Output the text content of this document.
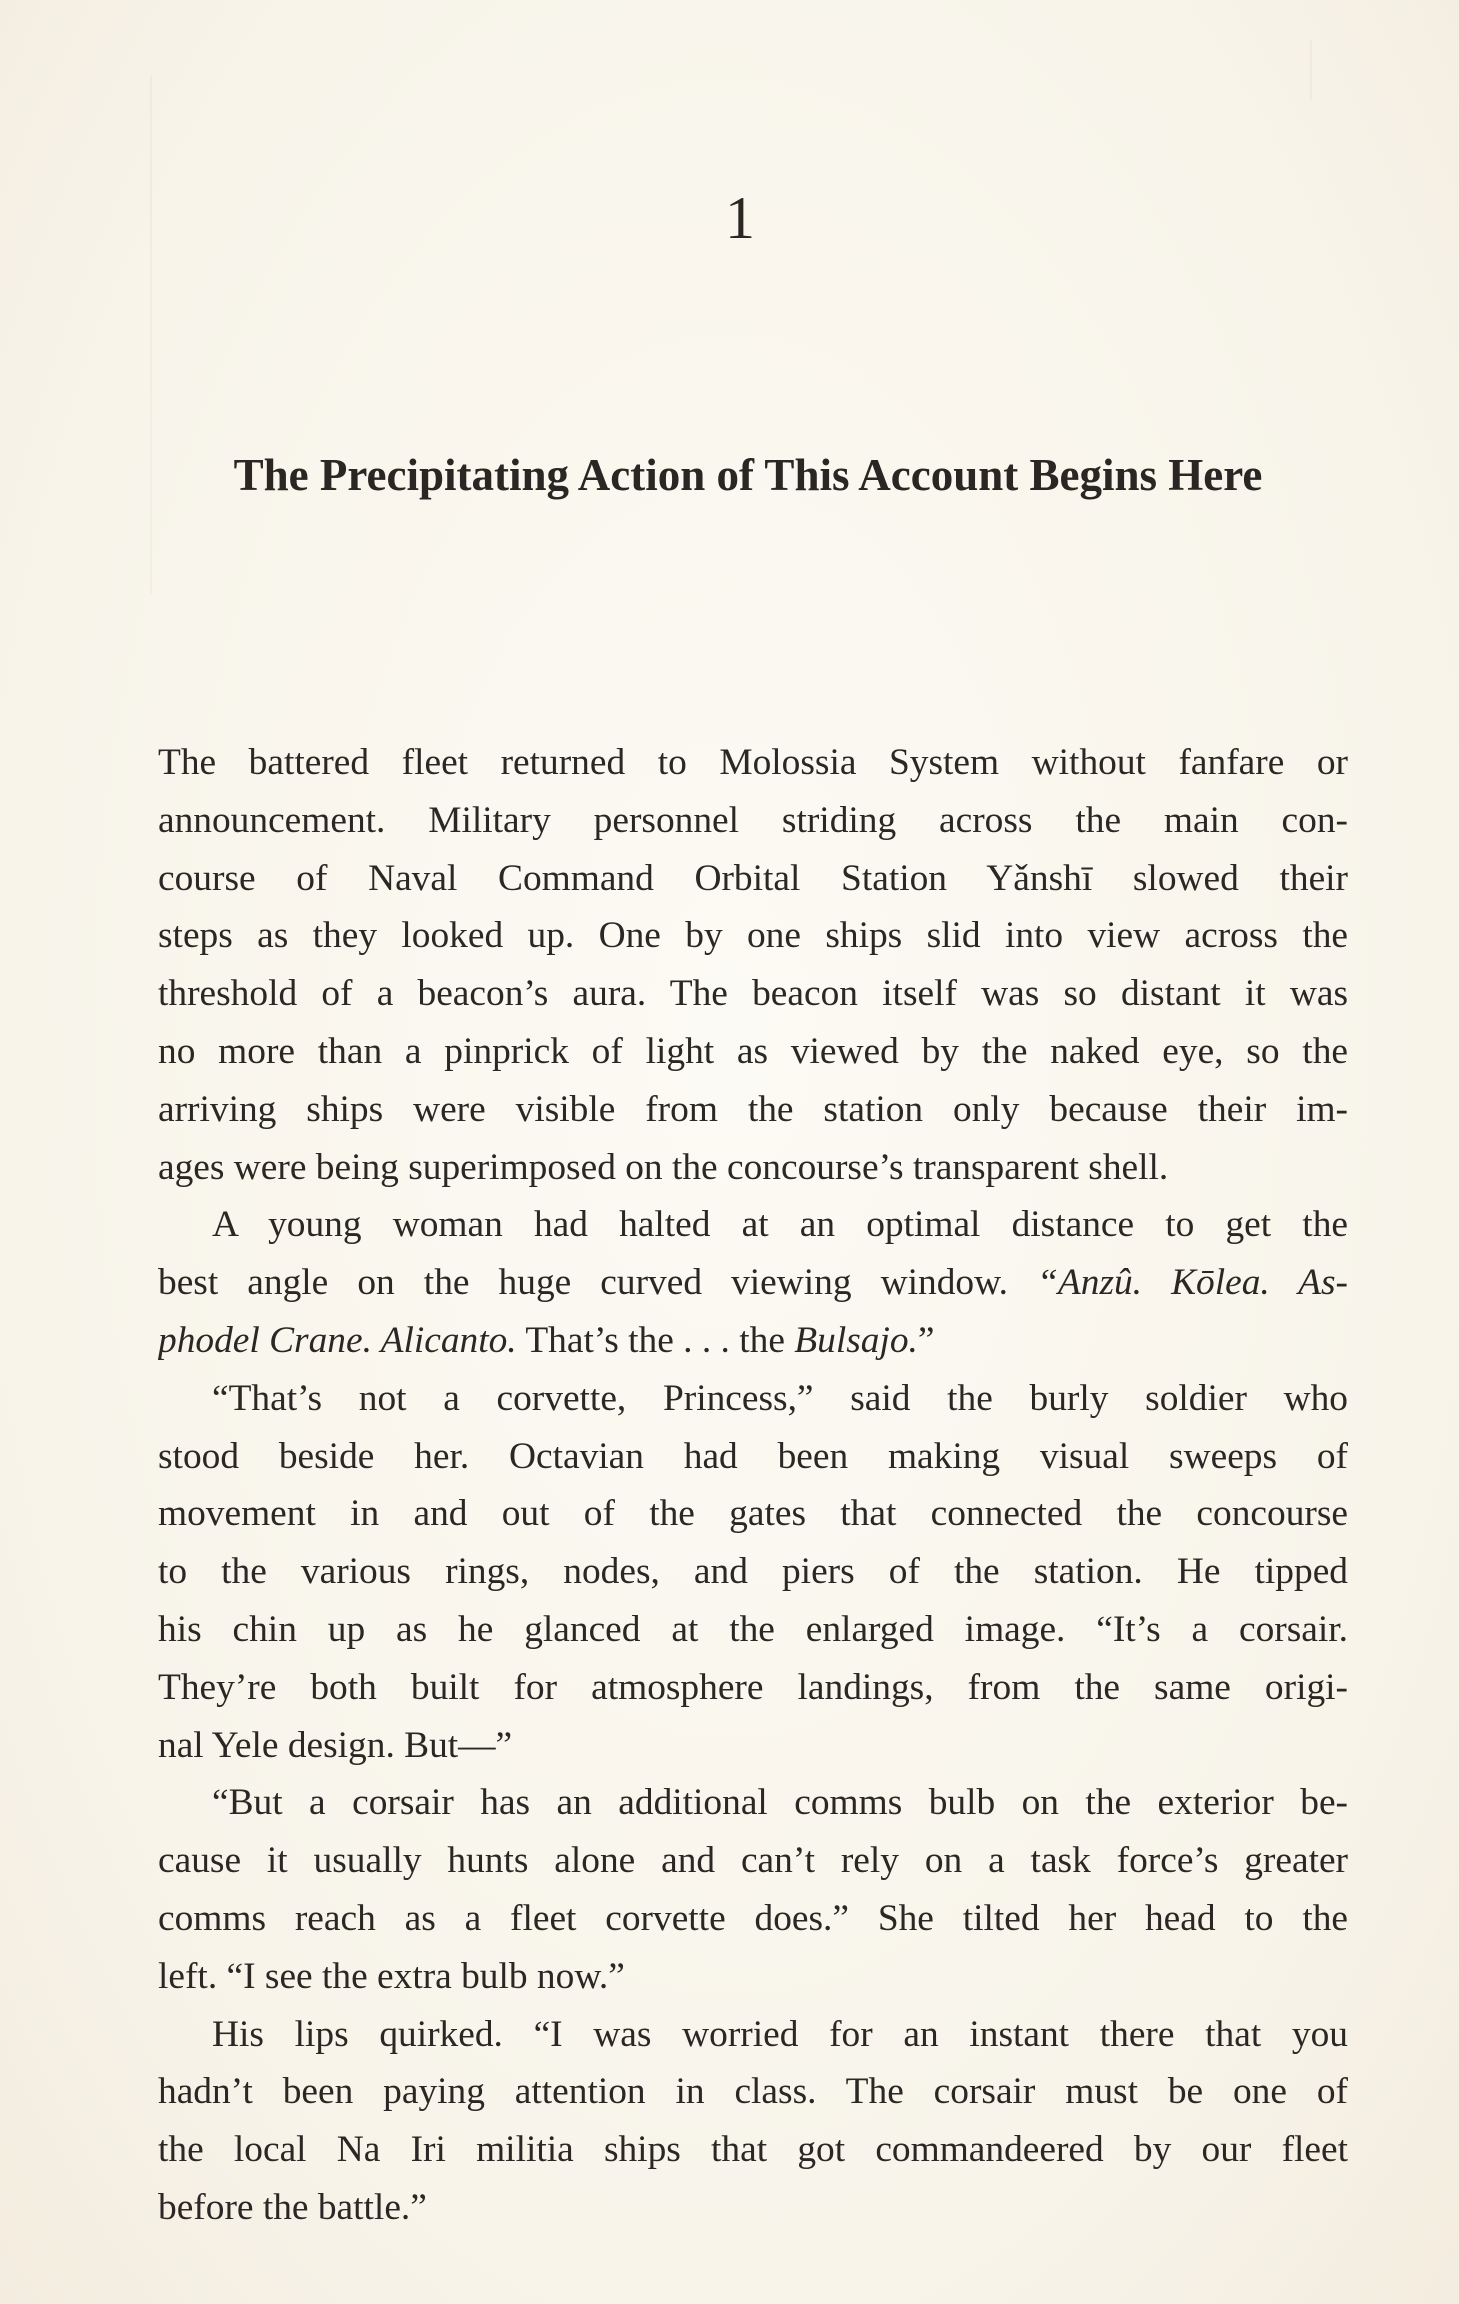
1
The Precipitating Action of This Account Begins Here
The battered fleet returned to Molossia System without fanfare or
announcement. Military personnel striding across the main con-
course of Naval Command Orbital Station Yǎnshī slowed their
steps as they looked up. One by one ships slid into view across the
threshold of a beacon’s aura. The beacon itself was so distant it was
no more than a pinprick of light as viewed by the naked eye, so the
arriving ships were visible from the station only because their im-
ages were being superimposed on the concourse’s transparent shell.
A young woman had halted at an optimal distance to get the
best angle on the huge curved viewing window. “Anzû. Kōlea. As-
phodel Crane. Alicanto. That’s the . . . the Bulsajo.”
“That’s not a corvette, Princess,” said the burly soldier who
stood beside her. Octavian had been making visual sweeps of
movement in and out of the gates that connected the concourse
to the various rings, nodes, and piers of the station. He tipped
his chin up as he glanced at the enlarged image. “It’s a corsair.
They’re both built for atmosphere landings, from the same origi-
nal Yele design. But—”
“But a corsair has an additional comms bulb on the exterior be-
cause it usually hunts alone and can’t rely on a task force’s greater
comms reach as a fleet corvette does.” She tilted her head to the
left. “I see the extra bulb now.”
His lips quirked. “I was worried for an instant there that you
hadn’t been paying attention in class. The corsair must be one of
the local Na Iri militia ships that got commandeered by our fleet
before the battle.”
